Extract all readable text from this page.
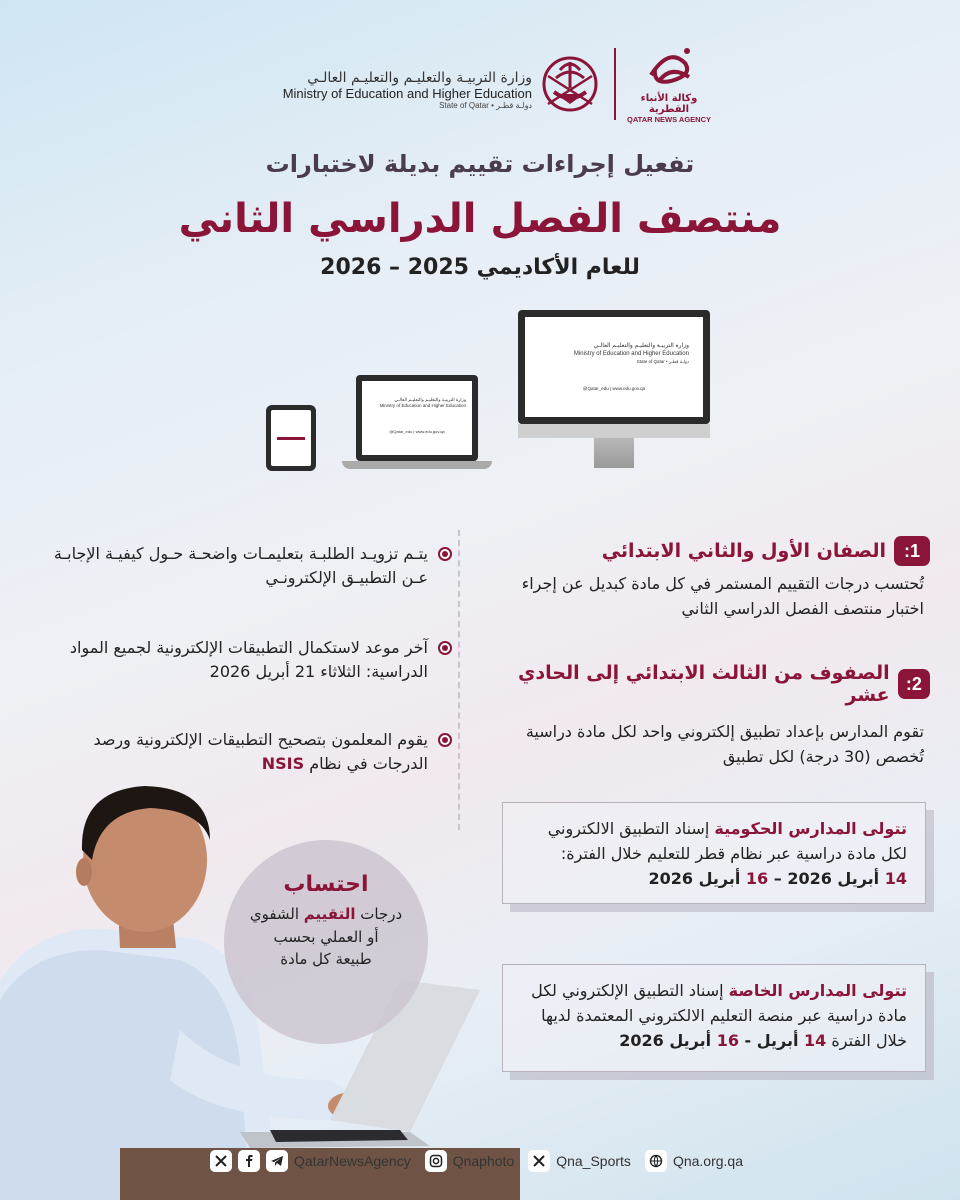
وزارة التربيـة والتعليـم والتعليـم العالـي
Ministry of Education and Higher Education
State of Qatar • دولـة قطـر
وكالة الأنباء القطرية
QATAR NEWS AGENCY
تفعيل إجراءات تقييم بديلة لاختبارات
منتصف الفصل الدراسي الثاني
للعام الأكاديمي 2025 – 2026
وزارة التربيـة والتعليـم والتعليـم العالـي
Ministry of Education and Higher Education
@Qatar_edu | www.edu.gov.qa
وزارة التربيـة والتعليـم والتعليـم العالـي
Ministry of Education and Higher Education
State of Qatar • دولـة قطـر
@Qatar_edu | www.edu.gov.qa
1:
الصفان الأول والثاني الابتدائي
تُحتسب درجات التقييم المستمر في كل مادة كبديل عن إجراء اختبار منتصف الفصل الدراسي الثاني
2:
الصفوف من الثالث الابتدائي إلى الحادي عشر
تقوم المدارس بإعداد تطبيق إلكتروني واحد لكل مادة دراسية تُخصص (30 درجة) لكل تطبيق
يتـم تزويـد الطلبـة بتعليمـات واضحـة حـول كيفيـة الإجابـة عـن التطبيـق الإلكترونـي
آخر موعد لاستكمال التطبيقات الإلكترونية لجميع المواد الدراسية: الثلاثاء 21 أبريل 2026
يقوم المعلمون بتصحيح التطبيقات الإلكترونية ورصد الدرجات في نظام NSIS
تتولى المدارس الحكومية إسناد التطبيق الالكتروني لكل مادة دراسية عبر نظام قطر للتعليم خلال الفترة:
14 أبريل 2026 – 16 أبريل 2026
تتولى المدارس الخاصة إسناد التطبيق الإلكتروني لكل مادة دراسية عبر منصة التعليم الالكتروني المعتمدة لديها خلال الفترة 14 أبريل - 16 أبريل 2026
احتساب
درجات التقييم الشفوي
أو العملي بحسب
طبيعة كل مادة
QatarNewsAgency	Qnaphoto	Qna_Sports	Qna.org.qa
